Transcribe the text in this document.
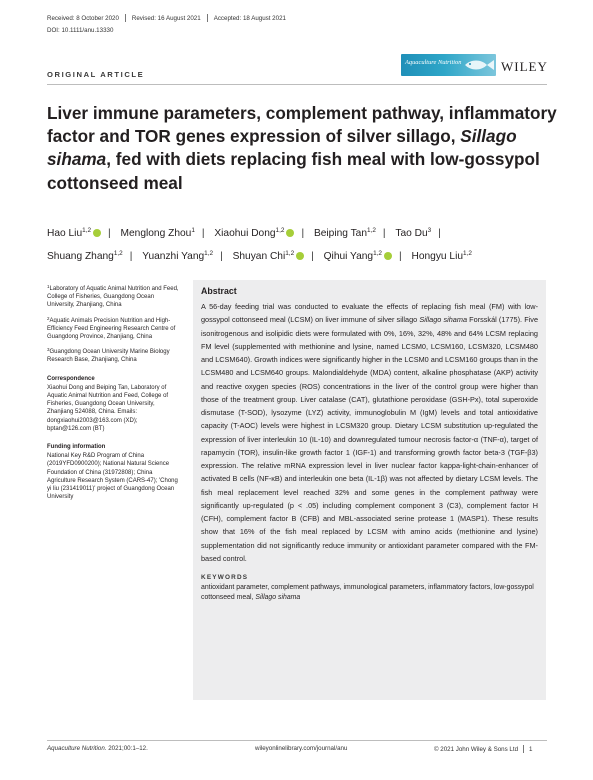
Received: 8 October 2020 Revised: 16 August 2021 Accepted: 18 August 2021
DOI: 10.1111/anu.13330
ORIGINAL ARTICLE
Aquaculture Nutrition	WILEY
Liver immune parameters, complement pathway, inflammatory factor and TOR genes expression of silver sillago, Sillago sihama, fed with diets replacing fish meal with low-gossypol cottonseed meal
Hao Liu$^{1,2}$ | Menglong Zhou$^1$ | Xiaohui Dong$^{1,2}$ | Beiping Tan$^{1,2}$ | Tao Du$^3$ |
Shuang Zhang$^{1,2}$ | Yuanzhi Yang$^{1,2}$ | Shuyan Chi$^{1,2}$ | Qihui Yang$^{1,2}$ | Hongyu Liu$^{1,2}$
$^1$Laboratory of Aquatic Animal Nutrition and Feed, College of Fisheries, Guangdong Ocean University, Zhanjiang, China
$^2$Aquatic Animals Precision Nutrition and High-Efficiency Feed Engineering Research Centre of Guangdong Province, Zhanjiang, China
$^3$Guangdong Ocean University Marine Biology Research Base, Zhanjiang, China
Correspondence
Xiaohui Dong and Beiping Tan, Laboratory of Aquatic Animal Nutrition and Feed, College of Fisheries, Guangdong Ocean University, Zhanjiang 524088, China. Emails: dongxiaohui2003@163.com (XD); bptan@126.com (BT)
Funding information
National Key R&D Program of China (2019YFD0900200); National Natural Science Foundation of China (31972808); China Agriculture Research System (CARS-47); 'Chong yi liu (231419011)' project of Guangdong Ocean University
Abstract

A 56-day feeding trial was conducted to evaluate the effects of replacing fish meal (FM) with low-gossypol cottonseed meal (LCSM) on liver immune of silver sillago Sillago sihama Forsskál (1775). Five isonitrogenous and isolipidic diets were formulated with 0%, 16%, 32%, 48% and 64% LCSM replacing FM level (supplemented with methionine and lysine, named LCSM0, LCSM160, LCSM320, LCSM480 and LCSM640). Growth indices were significantly higher in the LCSM0 and LCSM160 groups than in the LCSM480 and LCSM640 groups. Malondialdehyde (MDA) content, alkaline phosphatase (AKP) activity and reactive oxygen species (ROS) concentrations in the liver of the control group were higher than those of the treatment group. Liver catalase (CAT), glutathione peroxidase (GSH-Px), total superoxide dismutase (T-SOD), lysozyme (LYZ) activity, immunoglobulin M (IgM) levels and total antioxidative capacity (T-AOC) levels were highest in LCSM320 group. Dietary LCSM substitution up-regulated the expression of liver interleukin 10 (IL-10) and downregulated tumour necrosis factor-α (TNF-α), target of rapamycin (TOR), insulin-like growth factor 1 (IGF-1) and transforming growth factor beta-3 (TGF-β3) expression. The relative mRNA expression level in liver nuclear factor kappa-light-chain-enhancer of activated B cells (NF-κB) and interleukin one beta (IL-1β) was not affected by dietary LCSM levels. The fish meal replacement level reached 32% and some genes in the complement pathway were significantly up-regulated (p < .05) including complement component 3 (C3), complement factor H (CFH), complement factor B (CFB) and MBL-associated serine protease 1 (MASP1). These results show that 16% of the fish meal replaced by LCSM with amino acids (methionine and lysine) supplementation did not significantly reduce immunity or antioxidant parameter compared with the FM-based control.

KEYWORDS
antioxidant parameter, complement pathways, immunological parameters, inflammatory factors, low-gossypol cottonseed meal, Sillago sihama
Aquaculture Nutrition. 2021;00:1–12.	wileyonlinelibrary.com/journal/anu	© 2021 John Wiley & Sons Ltd 1
